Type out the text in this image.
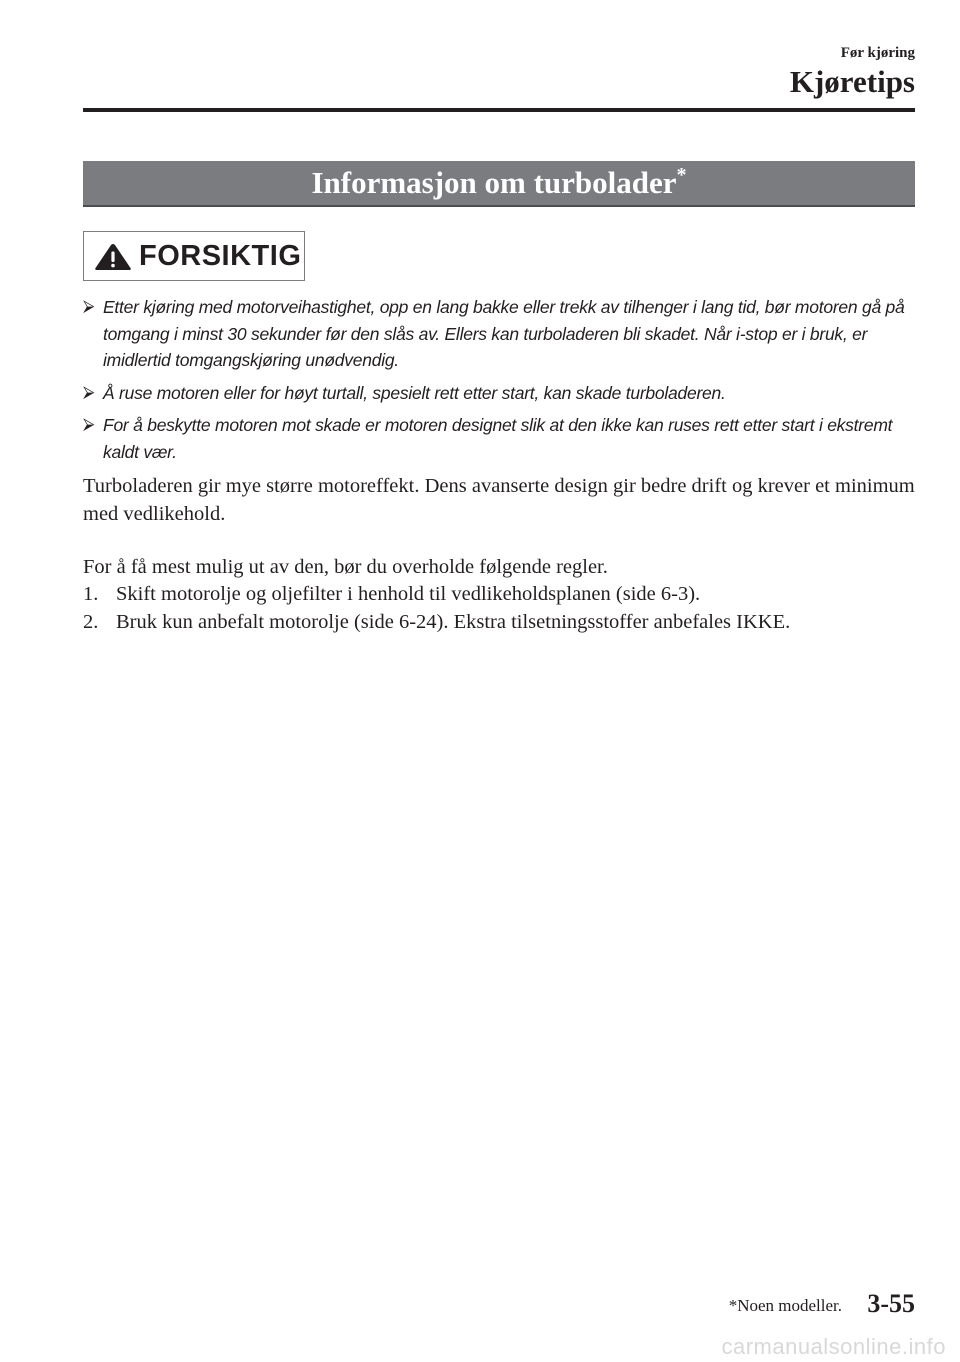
Før kjøring
Kjøretips
Informasjon om turbolader*
FORSIKTIG
⮚ Etter kjøring med motorveihastighet, opp en lang bakke eller trekk av tilhenger i lang tid, bør motoren gå på tomgang i minst 30 sekunder før den slås av. Ellers kan turboladeren bli skadet. Når i-stop er i bruk, er imidlertid tomgangskjøring unødvendig.
⮚ Å ruse motoren eller for høyt turtall, spesielt rett etter start, kan skade turboladeren.
⮚ For å beskytte motoren mot skade er motoren designet slik at den ikke kan ruses rett etter start i ekstremt kaldt vær.

Turboladeren gir mye større motoreffekt. Dens avanserte design gir bedre drift og krever et minimum med vedlikehold.

For å få mest mulig ut av den, bør du overholde følgende regler.

1. Skift motorolje og oljefilter i henhold til vedlikeholdsplanen (side 6-3).
2. Bruk kun anbefalt motorolje (side 6-24). Ekstra tilsetningsstoffer anbefales IKKE.
*Noen modeller. 3-55
carmanualsonline.info
